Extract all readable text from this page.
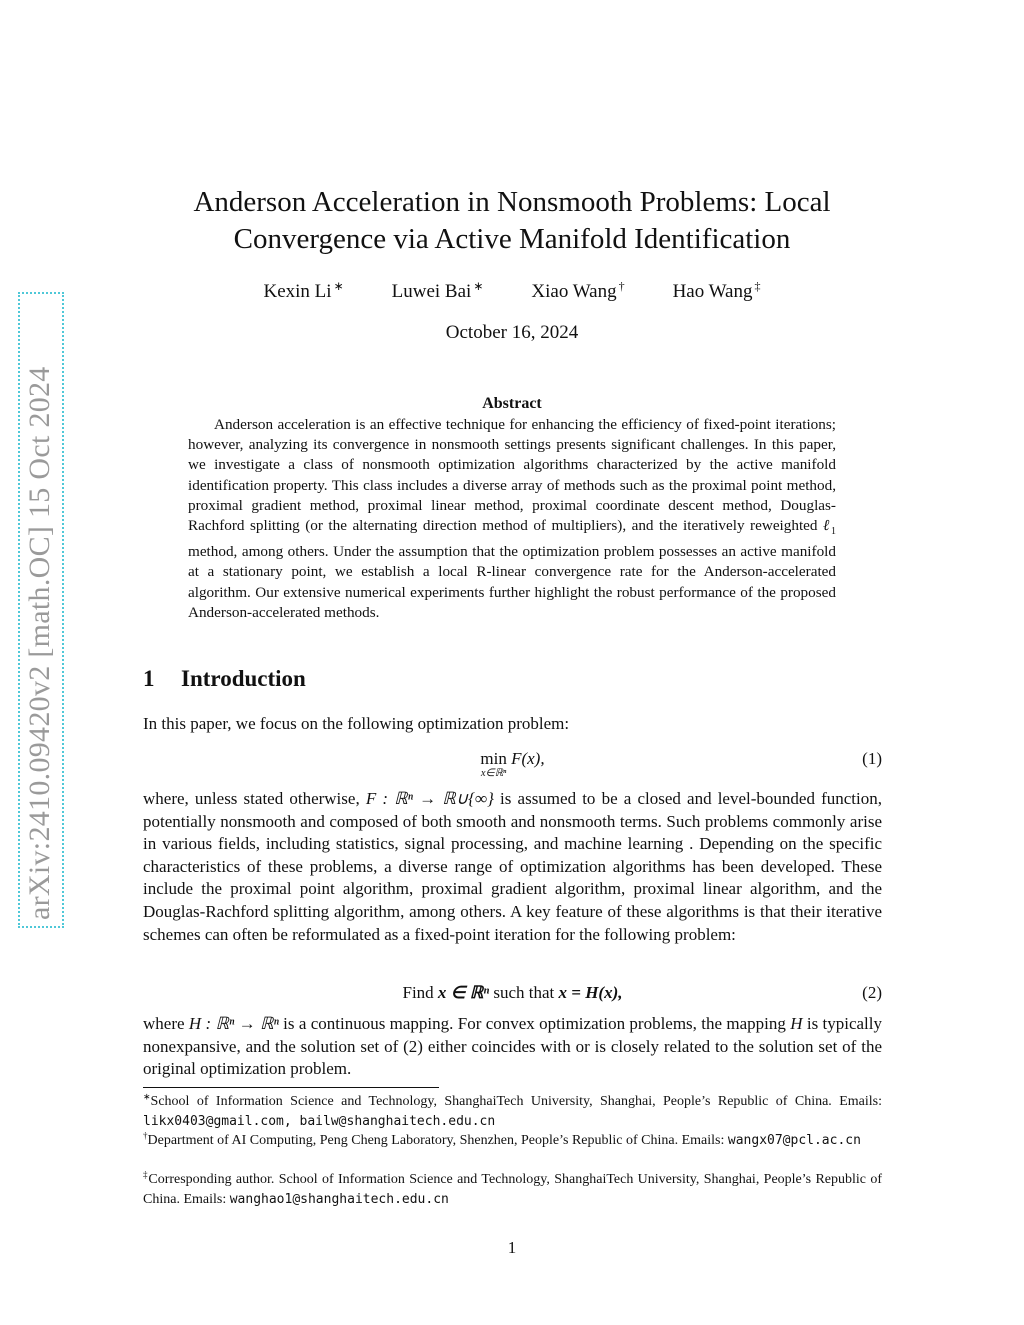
arXiv:2410.09420v2 [math.OC] 15 Oct 2024
Anderson Acceleration in Nonsmooth Problems: Local
Convergence via Active Manifold Identification
Kexin Li ∗	Luwei Bai ∗	Xiao Wang †	Hao Wang ‡
October 16, 2024
Abstract

Anderson acceleration is an effective technique for enhancing the efficiency of fixed-point iterations; however, analyzing its convergence in nonsmooth settings presents significant challenges. In this paper, we investigate a class of nonsmooth optimization algorithms characterized by the active manifold identification property. This class includes a diverse array of methods such as the proximal point method, proximal gradient method, proximal linear method, proximal coordinate descent method, Douglas-Rachford splitting (or the alternating direction method of multipliers), and the iteratively reweighted ℓ$_1$ method, among others. Under the assumption that the optimization problem possesses an active manifold at a stationary point, we establish a local R-linear convergence rate for the Anderson-accelerated algorithm. Our extensive numerical experiments further highlight the robust performance of the proposed Anderson-accelerated methods.

1 Introduction

In this paper, we focus on the following optimization problem:

min
x∈ℝⁿ
F(x),	(1)

where, unless stated otherwise, F : ℝⁿ → ℝ∪{∞} is assumed to be a closed and level-bounded function, potentially nonsmooth and composed of both smooth and nonsmooth terms. Such problems commonly arise in various fields, including statistics, signal processing, and machine learning . Depending on the specific characteristics of these problems, a diverse range of optimization algorithms has been developed. These include the proximal point algorithm, proximal gradient algorithm, proximal linear algorithm, and the Douglas-Rachford splitting algorithm, among others. A key feature of these algorithms is that their iterative schemes can often be reformulated as a fixed-point iteration for the following problem:

Find x ∈ ℝⁿ such that x = H(x),	(2)

where H : ℝⁿ → ℝⁿ is a continuous mapping. For convex optimization problems, the mapping H is typically nonexpansive, and the solution set of (2) either coincides with or is closely related to the solution set of the original optimization problem.

∗School of Information Science and Technology, ShanghaiTech University, Shanghai, People’s Republic of China. Emails: likx0403@gmail.com, bailw@shanghaitech.edu.cn

†Department of AI Computing, Peng Cheng Laboratory, Shenzhen, People’s Republic of China. Emails: wangx07@pcl.ac.cn

‡Corresponding author. School of Information Science and Technology, ShanghaiTech University, Shanghai, People’s Republic of China. Emails: wanghao1@shanghaitech.edu.cn

1
